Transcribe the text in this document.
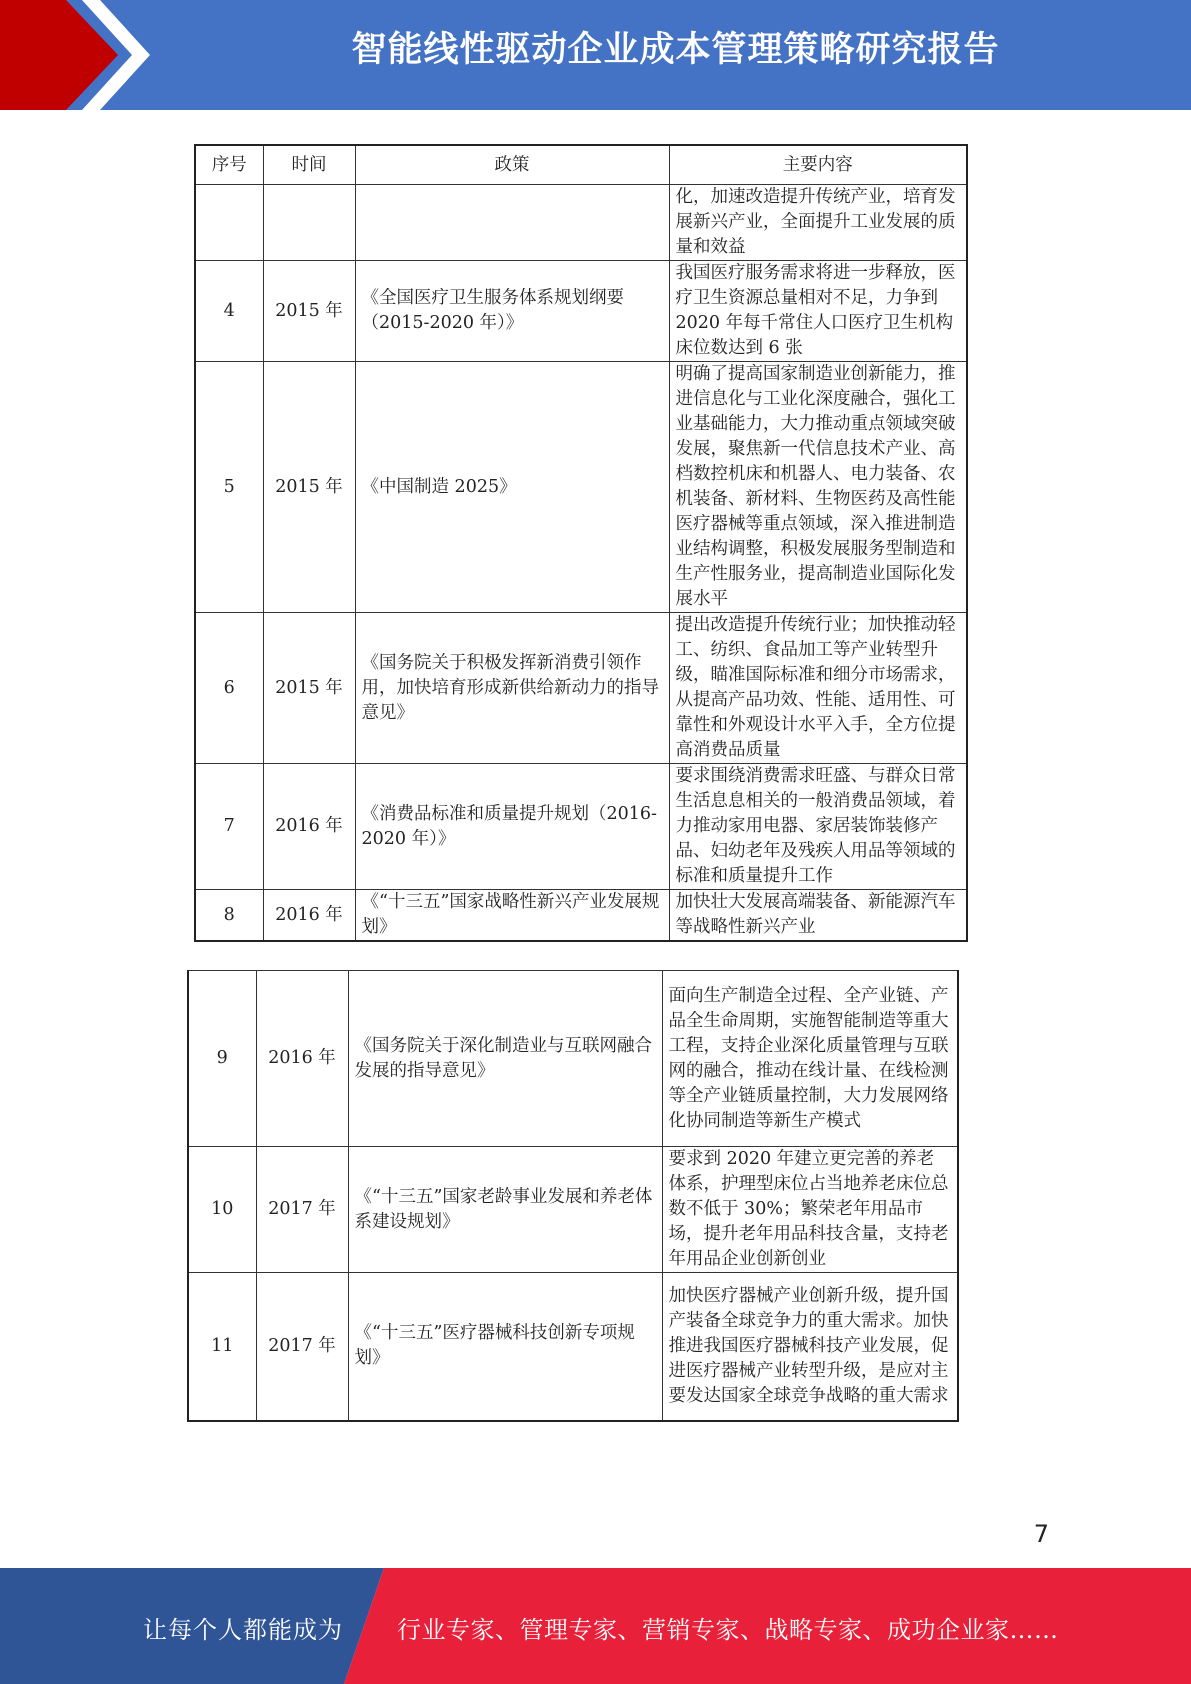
智能线性驱动企业成本管理策略研究报告
序号	时间	政策	主要内容
			化，加速改造提升传统产业，培育发展新兴产业，全面提升工业发展的质量和效益
4	2015 年	《全国医疗卫生服务体系规划纲要（2015-2020 年）》	我国医疗服务需求将进一步释放，医疗卫生资源总量相对不足，力争到 2020 年每千常住人口医疗卫生机构床位数达到 6 张
5	2015 年	《中国制造 2025》	明确了提高国家制造业创新能力，推进信息化与工业化深度融合，强化工业基础能力，大力推动重点领域突破发展，聚焦新一代信息技术产业、高档数控机床和机器人、电力装备、农机装备、新材料、生物医药及高性能医疗器械等重点领域，深入推进制造业结构调整，积极发展服务型制造和生产性服务业，提高制造业国际化发展水平
6	2015 年	《国务院关于积极发挥新消费引领作用，加快培育形成新供给新动力的指导意见》	提出改造提升传统行业；加快推动轻工、纺织、食品加工等产业转型升级，瞄准国际标准和细分市场需求，从提高产品功效、性能、适用性、可靠性和外观设计水平入手，全方位提高消费品质量
7	2016 年	《消费品标准和质量提升规划（2016-2020 年）》	要求围绕消费需求旺盛、与群众日常生活息息相关的一般消费品领域，着力推动家用电器、家居装饰装修产品、妇幼老年及残疾人用品等领域的标准和质量提升工作
8	2016 年	《“十三五”国家战略性新兴产业发展规划》	加快壮大发展高端装备、新能源汽车等战略性新兴产业
9	2016 年	《国务院关于深化制造业与互联网融合发展的指导意见》	面向生产制造全过程、全产业链、产品全生命周期，实施智能制造等重大工程，支持企业深化质量管理与互联网的融合，推动在线计量、在线检测等全产业链质量控制，大力发展网络化协同制造等新生产模式
10	2017 年	《“十三五”国家老龄事业发展和养老体系建设规划》	要求到 2020 年建立更完善的养老体系，护理型床位占当地养老床位总数不低于 30%；繁荣老年用品市场，提升老年用品科技含量，支持老年用品企业创新创业
11	2017 年	《“十三五”医疗器械科技创新专项规划》	加快医疗器械产业创新升级，提升国产装备全球竞争力的重大需求。加快推进我国医疗器械科技产业发展，促进医疗器械产业转型升级，是应对主要发达国家全球竞争战略的重大需求
7
让每个人都能成为 行业专家、管理专家、营销专家、战略专家、成功企业家……
